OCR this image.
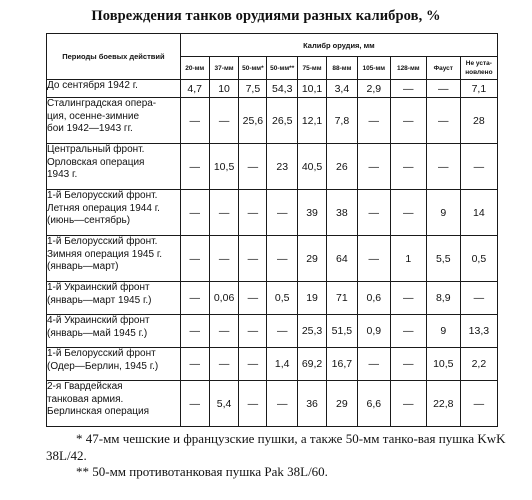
Повреждения танков орудиями разных калибров, %
Периоды боевых действий	Калибр орудия, мм									
	20-мм	37-мм	50-мм*	50-мм**	75-мм	88-мм	105-мм	128-мм	Фауст	Не уста-новлено

До сентября 1942 г.	4,7	10	7,5	54,3	10,1	3,4	2,9	—	—	7,1

Сталинградская опера-
ция, осенне-зимние
бои 1942—1943 гг.	—	—	25,6	26,5	12,1	7,8	—	—	—	28

Центральный фронт.
Орловская операция
1943 г.	—	10,5	—	23	40,5	26	—	—	—	—

1-й Белорусский фронт.
Летняя операция 1944 г.
(июнь—сентябрь)	—	—	—	—	39	38	—	—	9	14

1-й Белорусский фронт.
Зимняя операция 1945 г.
(январь—март)	—	—	—	—	29	64	—	1	5,5	0,5

1-й Украинский фронт
(январь—март 1945 г.)	—	0,06	—	0,5	19	71	0,6	—	8,9	—

4-й Украинский фронт
(январь—май 1945 г.)	—	—	—	—	25,3	51,5	0,9	—	9	13,3

1-й Белорусский фронт
(Одер—Берлин, 1945 г.)	—	—	—	1,4	69,2	16,7	—	—	10,5	2,2

2-я Гвардейская
танковая армия.
Берлинская операция	—	5,4	—	—	36	29	6,6	—	22,8	—

* 47-мм чешские и французские пушки, а также 50-мм танко-вая пушка KwK 38L/42.

** 50-мм противотанковая пушка Pak 38L/60.
